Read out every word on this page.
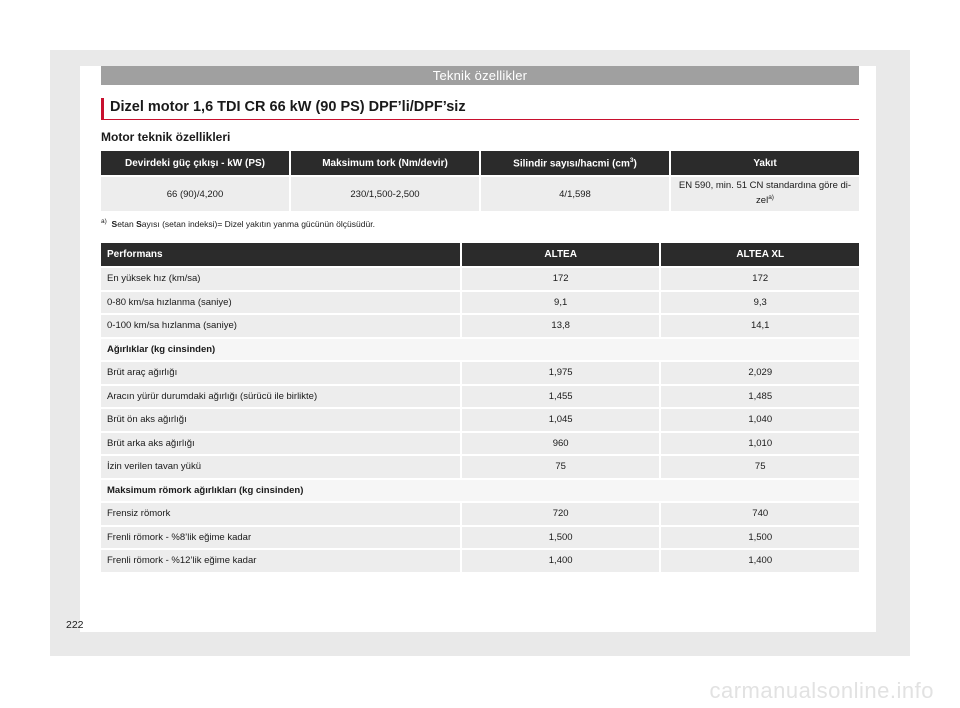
Teknik özellikler
Dizel motor 1,6 TDI CR 66 kW (90 PS) DPF’li/DPF’siz
Motor teknik özellikleri
Devirdeki güç çıkışı - kW (PS)	Maksimum tork (Nm/devir)	Silindir sayısı/hacmi $(cm^3)$	Yakıt
66 (90)/4,200	230/1,500-2,500	4/1,598	EN 590, min. 51 CN standardına göre di-zel$^{a)}$
$^{a)}$ Setan Sayısı (setan indeksi)= Dizel yakıtın yanma gücünün ölçüsüdür.
Performans	ALTEA	ALTEA XL
En yüksek hız (km/sa)	172	172
0-80 km/sa hızlanma (saniye)	9,1	9,3
0-100 km/sa hızlanma (saniye)	13,8	14,1
Ağırlıklar (kg cinsinden)		
Brüt araç ağırlığı	1,975	2,029
Aracın yürür durumdaki ağırlığı (sürücü ile birlikte)	1,455	1,485
Brüt ön aks ağırlığı	1,045	1,040
Brüt arka aks ağırlığı	960	1,010
İzin verilen tavan yükü	75	75
Maksimum römork ağırlıkları (kg cinsinden)		
Frensiz römork	720	740
Frenli römork - %8’lik eğime kadar	1,500	1,500
Frenli römork - %12’lik eğime kadar	1,400	1,400
222
carmanualsonline.info
